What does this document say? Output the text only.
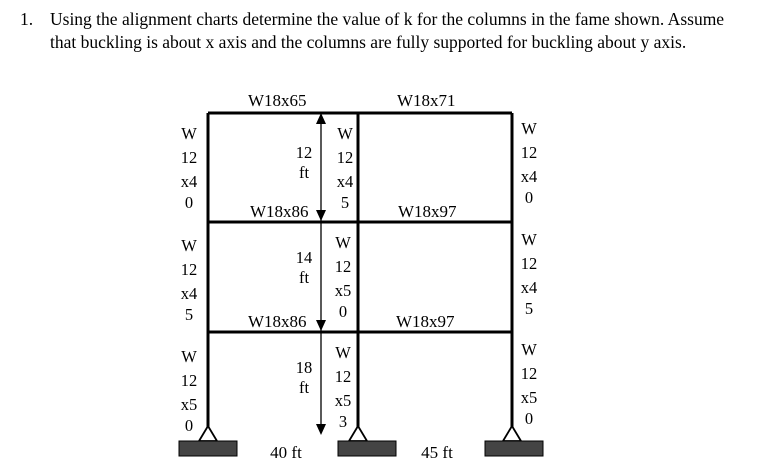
1. Using the alignment charts determine the value of k for the columns in the fame shown. Assume that buckling is about x axis and the columns are fully supported for buckling about y axis.
W18x65	W18x71
W18x86	W18x97
W18x86	W18x97
W
12
x4
0
W
12
x4
5
W
12
x5
0
W
12
x4
5
W
12
x5
0
W
12
x5
3
W
12
x4
0
W
12
x4
5
W
12
x5
0
12
ft
14
ft
18
ft
40 ft	45 ft
